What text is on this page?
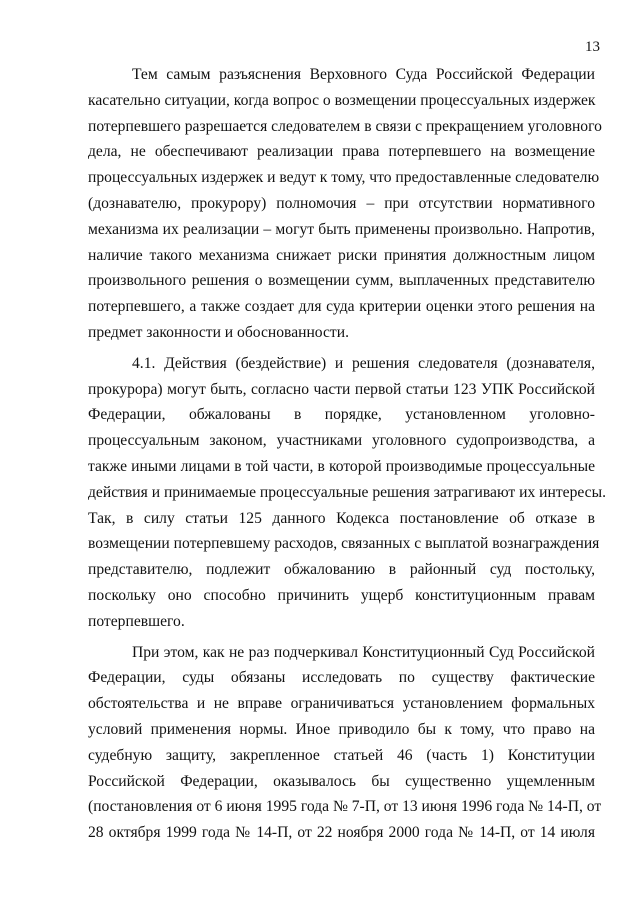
13
Тем самым разъяснения Верховного Суда Российской Федерации
касательно ситуации, когда вопрос о возмещении процессуальных издержек
потерпевшего разрешается следователем в связи с прекращением уголовного
дела, не обеспечивают реализации права потерпевшего на возмещение
процессуальных издержек и ведут к тому, что предоставленные следователю
(дознавателю, прокурору) полномочия – при отсутствии нормативного
механизма их реализации – могут быть применены произвольно. Напротив,
наличие такого механизма снижает риски принятия должностным лицом
произвольного решения о возмещении сумм, выплаченных представителю
потерпевшего, а также создает для суда критерии оценки этого решения на
предмет законности и обоснованности.
4.1. Действия (бездействие) и решения следователя (дознавателя,
прокурора) могут быть, согласно части первой статьи 123 УПК Российской
Федерации, обжалованы в порядке, установленном уголовно-
процессуальным законом, участниками уголовного судопроизводства, а
также иными лицами в той части, в которой производимые процессуальные
действия и принимаемые процессуальные решения затрагивают их интересы.
Так, в силу статьи 125 данного Кодекса постановление об отказе в
возмещении потерпевшему расходов, связанных с выплатой вознаграждения
представителю, подлежит обжалованию в районный суд постольку,
поскольку оно способно причинить ущерб конституционным правам
потерпевшего.
При этом, как не раз подчеркивал Конституционный Суд Российской
Федерации, суды обязаны исследовать по существу фактические
обстоятельства и не вправе ограничиваться установлением формальных
условий применения нормы. Иное приводило бы к тому, что право на
судебную защиту, закрепленное статьей 46 (часть 1) Конституции
Российской Федерации, оказывалось бы существенно ущемленным
(постановления от 6 июня 1995 года № 7-П, от 13 июня 1996 года № 14-П, от
28 октября 1999 года № 14-П, от 22 ноября 2000 года № 14-П, от 14 июля
